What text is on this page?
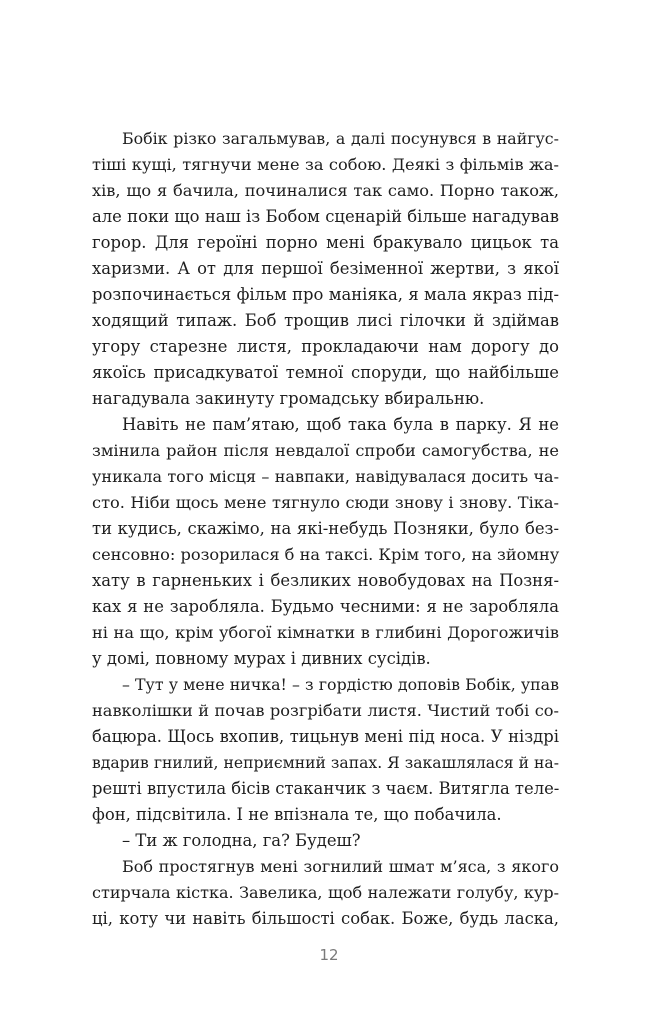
Бобік різко загальмував, а далі посунувся в найгус-
тіші кущі, тягнучи мене за собою. Деякі з фільмів жа-
хів, що я бачила, починалися так само. Порно також,
але поки що наш із Бобом сценарій більше нагадував
горор. Для героїні порно мені бракувало цицьок та
харизми. А от для першої безіменної жертви, з якої
розпочинається фільм про маніяка, я мала якраз під-
ходящий типаж. Боб трощив лисі гілочки й здіймав
угору старезне листя, прокладаючи нам дорогу до
якоїсь присадкуватої темної споруди, що найбільше
нагадувала закинуту громадську вбиральню.
Навіть не пам’ятаю, щоб така була в парку. Я не
змінила район після невдалої спроби самогубства, не
уникала того місця – навпаки, навідувалася досить ча-
сто. Ніби щось мене тягнуло сюди знову і знову. Тіка-
ти кудись, скажімо, на які-небудь Позняки, було без-
сенсовно: розорилася б на таксі. Крім того, на зйомну
хату в гарненьких і безликих новобудовах на Позня-
ках я не заробляла. Будьмо чесними: я не заробляла
ні на що, крім убогої кімнатки в глибині Дорогожичів
у домі, повному мурах і дивних сусідів.
– Тут у мене ничка! – з гордістю доповів Бобік, упав
навколішки й почав розгрібати листя. Чистий тобі со-
бацюра. Щось вхопив, тицьнув мені під носа. У ніздрі
вдарив гнилий, неприємний запах. Я закашлялася й на-
решті впустила бісів стаканчик з чаєм. Витягла теле-
фон, підсвітила. І не впізнала те, що побачила.
– Ти ж голодна, га? Будеш?
Боб простягнув мені зогнилий шмат м’яса, з якого
стирчала кістка. Завелика, щоб належати голубу, кур-
ці, коту чи навіть більшості собак. Боже, будь ласка,
12
